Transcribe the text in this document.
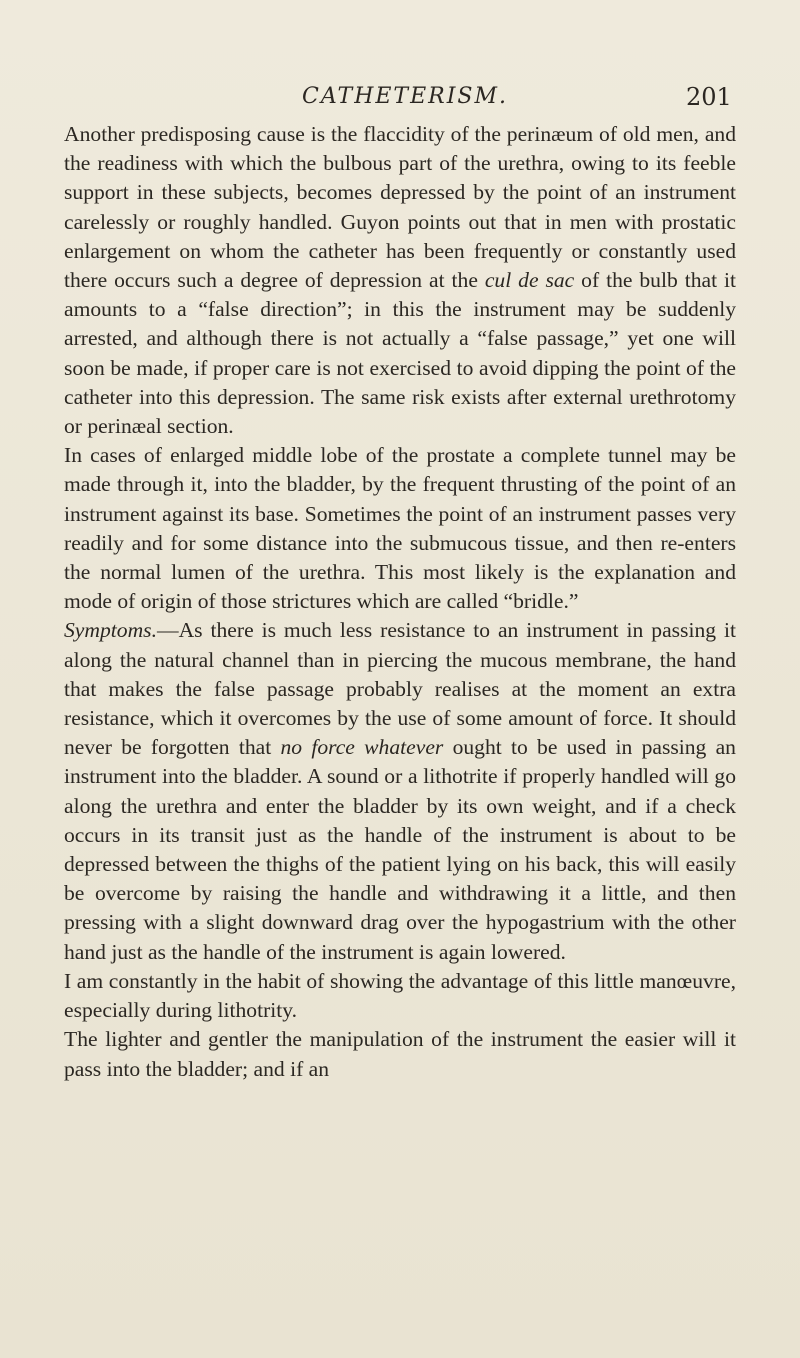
CATHETERISM.	201

Another predisposing cause is the flaccidity of the perinæum of old men, and the readiness with which the bulbous part of the urethra, owing to its feeble support in these subjects, becomes depressed by the point of an instrument carelessly or roughly handled. Guyon points out that in men with prostatic enlargement on whom the catheter has been frequently or constantly used there occurs such a degree of depression at the cul de sac of the bulb that it amounts to a “false direction”; in this the instrument may be suddenly arrested, and although there is not actually a “false passage,” yet one will soon be made, if proper care is not exercised to avoid dipping the point of the catheter into this depression. The same risk exists after external urethrotomy or perinæal section.

In cases of enlarged middle lobe of the prostate a complete tunnel may be made through it, into the bladder, by the frequent thrusting of the point of an instrument against its base. Sometimes the point of an instrument passes very readily and for some distance into the submucous tissue, and then re-enters the normal lumen of the urethra. This most likely is the explanation and mode of origin of those strictures which are called “bridle.”

Symptoms.—As there is much less resistance to an instrument in passing it along the natural channel than in piercing the mucous membrane, the hand that makes the false passage probably realises at the moment an extra resistance, which it overcomes by the use of some amount of force. It should never be forgotten that no force whatever ought to be used in passing an instrument into the bladder. A sound or a lithotrite if properly handled will go along the urethra and enter the bladder by its own weight, and if a check occurs in its transit just as the handle of the instrument is about to be depressed between the thighs of the patient lying on his back, this will easily be overcome by raising the handle and withdrawing it a little, and then pressing with a slight downward drag over the hypogastrium with the other hand just as the handle of the instrument is again lowered.

I am constantly in the habit of showing the advantage of this little manœuvre, especially during lithotrity.

The lighter and gentler the manipulation of the instrument the easier will it pass into the bladder; and if an
